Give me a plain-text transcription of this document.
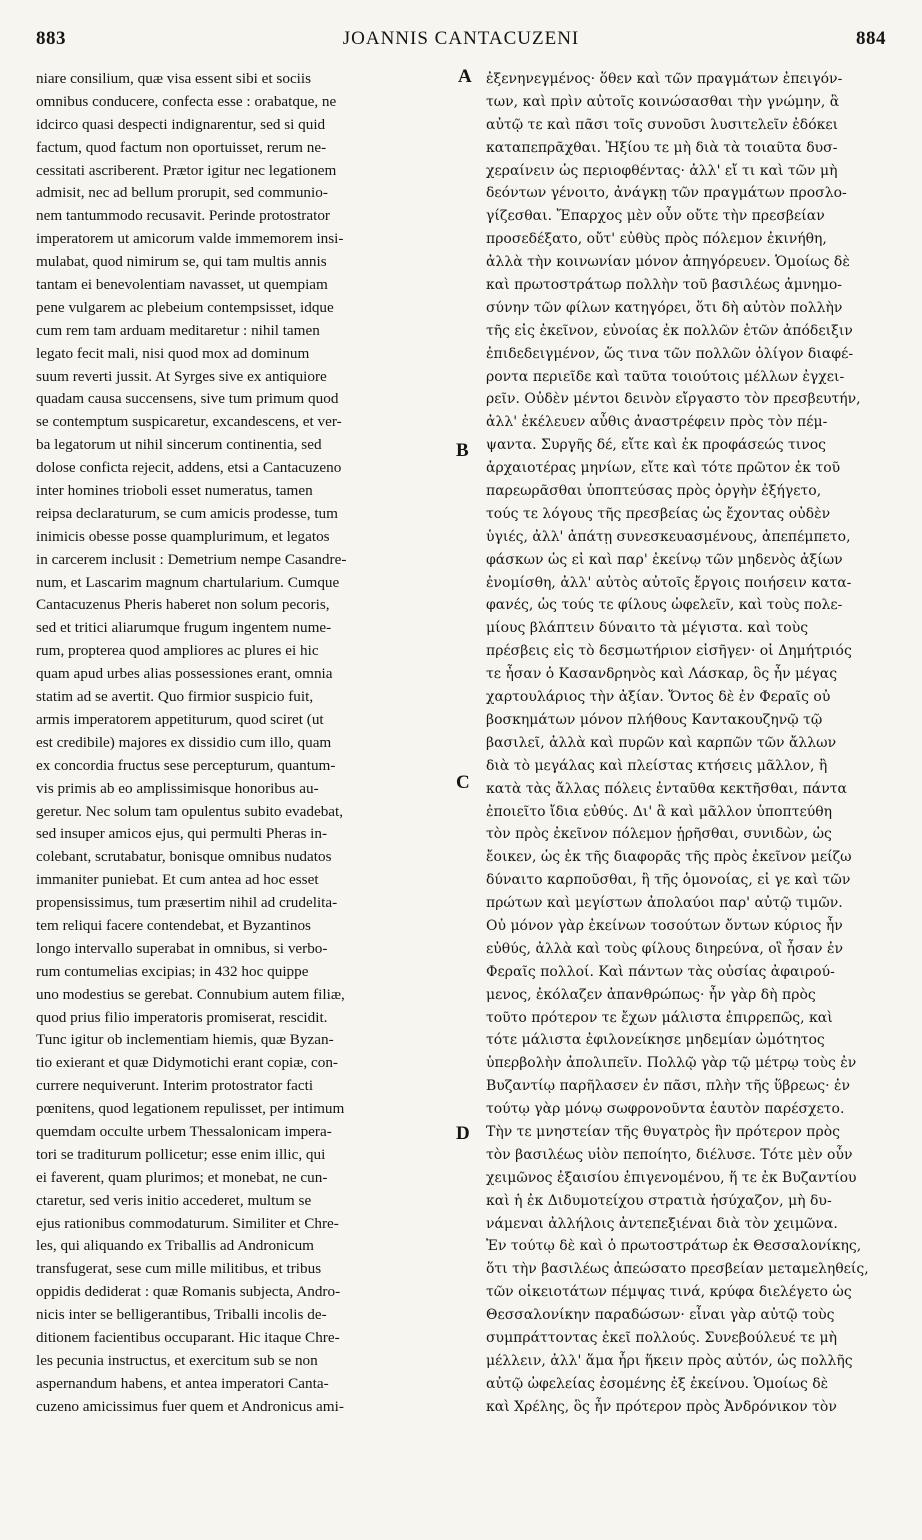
883	JOANNIS CANTACUZENI	884
niare consilium, quæ visa essent sibi et sociis
omnibus conducere, confecta esse : orabatque, ne
idcirco quasi despecti indignarentur, sed si quid
factum, quod factum non oportuisset, rerum ne-
cessitati ascriberent. Prætor igitur nec legationem
admisit, nec ad bellum prorupit, sed communio-
nem tantummodo recusavit. Perinde protostrator
imperatorem ut amicorum valde immemorem insi-
mulabat, quod nimirum se, qui tam multis annis
tantam ei benevolentiam navasset, ut quempiam
pene vulgarem ac plebeium contempsisset, idque
cum rem tam arduam meditaretur : nihil tamen
legato fecit mali, nisi quod mox ad dominum
suum reverti jussit. At Syrges sive ex antiquiore
quadam causa succensens, sive tum primum quod
se contemptum suspicaretur, excandescens, et ver-
ba legatorum ut nihil sincerum continentia, sed
dolose conficta rejecit, addens, etsi a Cantacuzeno
inter homines trioboli esset numeratus, tamen
reipsa declaraturum, se cum amicis prodesse, tum
inimicis obesse posse quamplurimum, et legatos
in carcerem inclusit : Demetrium nempe Casandre-
num, et Lascarim magnum chartularium. Cumque
Cantacuzenus Pheris haberet non solum pecoris,
sed et tritici aliarumque frugum ingentem nume-
rum, propterea quod ampliores ac plures ei hic
quam apud urbes alias possessiones erant, omnia
statim ad se avertit. Quo firmior suspicio fuit,
armis imperatorem appetiturum, quod sciret (ut
est credibile) majores ex dissidio cum illo, quam
ex concordia fructus sese percepturum, quantum-
vis primis ab eo amplissimisque honoribus au-
geretur. Nec solum tam opulentus subito evadebat,
sed insuper amicos ejus, qui permulti Pheras in-
colebant, scrutabatur, bonisque omnibus nudatos
immaniter puniebat. Et cum antea ad hoc esset
propensissimus, tum præsertim nihil ad crudelita-
tem reliqui facere contendebat, et Byzantinos
longo intervallo superabat in omnibus, si verbo-
rum contumelias excipias; in 432 hoc quippe
uno modestius se gerebat. Connubium autem filiæ,
quod prius filio imperatoris promiserat, rescidit.
Tunc igitur ob inclementiam hiemis, quæ Byzan-
tio exierant et quæ Didymotichi erant copiæ, con-
currere nequiverunt. Interim protostrator facti
pœnitens, quod legationem repulisset, per intimum
quemdam occulte urbem Thessalonicam impera-
tori se traditurum pollicetur; esse enim illic, qui
ei faverent, quam plurimos; et monebat, ne cun-
ctaretur, sed veris initio accederet, multum se
ejus rationibus commodaturum. Similiter et Chre-
les, qui aliquando ex Triballis ad Andronicum
transfugerat, sese cum mille militibus, et tribus
oppidis dediderat : quæ Romanis subjecta, Andro-
nicis inter se belligerantibus, Triballi incolis de-
ditionem facientibus occuparant. Hic itaque Chre-
les pecunia instructus, et exercitum sub se non
aspernandum habens, et antea imperatori Canta-
cuzeno amicissimus fuer quem et Andronicus ami-
ἐξενηνεγμένος· ὅθεν καὶ τῶν πραγμάτων ἐπειγόν-
των, καὶ πρὶν αὐτοῖς κοινώσασθαι τὴν γνώμην, ἃ
αὐτῷ τε καὶ πᾶσι τοῖς συνοῦσι λυσιτελεῖν ἐδόκει
καταπεπρᾶχθαι. Ἠξίου τε μὴ διὰ τὰ τοιαῦτα δυσ-
χεραίνειν ὡς περιοφθέντας· ἀλλ' εἴ τι καὶ τῶν μὴ
δεόντων γένοιτο, ἀνάγκῃ τῶν πραγμάτων προσλο-
γίζεσθαι. Ἔπαρχος μὲν οὖν οὔτε τὴν πρεσβείαν
προσεδέξατο, οὔτ' εὐθὺς πρὸς πόλεμον ἐκινήθη,
ἀλλὰ τὴν κοινωνίαν μόνον ἀπηγόρευεν. Ὁμοίως δὲ
καὶ πρωτοστράτωρ πολλὴν τοῦ βασιλέως ἀμνημο-
σύνην τῶν φίλων κατηγόρει, ὅτι δὴ αὐτὸν πολλὴν
τῆς εἰς ἐκεῖνον, εὐνοίας ἐκ πολλῶν ἐτῶν ἀπόδειξιν
ἐπιδεδειγμένον, ὥς τινα τῶν πολλῶν ὀλίγον διαφέ-
ροντα περιεῖδε καὶ ταῦτα τοιούτοις μέλλων ἐγχει-
ρεῖν. Οὐδὲν μέντοι δεινὸν εἴργαστο τὸν πρεσβευτήν,
ἀλλ' ἐκέλευεν αὖθις ἀναστρέφειν πρὸς τὸν πέμ-
ψαντα. Συργῆς δέ, εἴτε καὶ ἐκ προφάσεώς τινος
ἀρχαιοτέρας μηνίων, εἴτε καὶ τότε πρῶτον ἐκ τοῦ
παρεωρᾶσθαι ὑποπτεύσας πρὸς ὀργὴν ἐξήγετο,
τούς τε λόγους τῆς πρεσβείας ὡς ἔχοντας οὐδὲν
ὑγιές, ἀλλ' ἀπάτῃ συνεσκευασμένους, ἀπεπέμπετο,
φάσκων ὡς εἰ καὶ παρ' ἐκείνῳ τῶν μηδενὸς ἀξίων
ἐνομίσθη, ἀλλ' αὐτὸς αὐτοῖς ἔργοις ποιήσειν κατα-
φανές, ὡς τούς τε φίλους ὠφελεῖν, καὶ τοὺς πολε-
μίους βλάπτειν δύναιτο τὰ μέγιστα. καὶ τοὺς
πρέσβεις εἰς τὸ δεσμωτήριον εἰσῆγεν· οἱ Δημήτριός
τε ἦσαν ὁ Κασανδρηνὸς καὶ Λάσκαρ, ὃς ἦν μέγας
χαρτουλάριος τὴν ἀξίαν. Ὄντος δὲ ἐν Φεραῖς οὐ
βοσκημάτων μόνον πλήθους Καντακουζηνῷ τῷ
βασιλεῖ, ἀλλὰ καὶ πυρῶν καὶ καρπῶν τῶν ἄλλων
διὰ τὸ μεγάλας καὶ πλείστας κτήσεις μᾶλλον, ἢ
κατὰ τὰς ἄλλας πόλεις ἐνταῦθα κεκτῆσθαι, πάντα
ἐποιεῖτο ἴδια εὐθύς. Δι' ἃ καὶ μᾶλλον ὑποπτεύθη
τὸν πρὸς ἐκεῖνον πόλεμον ᾑρῆσθαι, συνιδὼν, ὡς
ἔοικεν, ὡς ἐκ τῆς διαφορᾶς τῆς πρὸς ἐκεῖνον μείζω
δύναιτο καρποῦσθαι, ἢ τῆς ὁμονοίας, εἰ γε καὶ τῶν
πρώτων καὶ μεγίστων ἀπολαύοι παρ' αὐτῷ τιμῶν.
Οὐ μόνον γὰρ ἐκείνων τοσούτων ὄντων κύριος ἦν
εὐθύς, ἀλλὰ καὶ τοὺς φίλους διηρεύνα, οἳ ἦσαν ἐν
Φεραῖς πολλοί. Καὶ πάντων τὰς οὐσίας ἀφαιρού-
μενος, ἐκόλαζεν ἀπανθρώπως· ἦν γὰρ δὴ πρὸς
τοῦτο πρότερον τε ἔχων μάλιστα ἐπιρρεπῶς, καὶ
τότε μάλιστα ἐφιλονείκησε μηδεμίαν ὠμότητος
ὑπερβολὴν ἀπολιπεῖν. Πολλῷ γὰρ τῷ μέτρῳ τοὺς ἐν
Βυζαντίῳ παρῆλασεν ἐν πᾶσι, πλὴν τῆς ὕβρεως· ἐν
τούτῳ γὰρ μόνῳ σωφρονοῦντα ἑαυτὸν παρέσχετο.
Τὴν τε μνηστείαν τῆς θυγατρὸς ἣν πρότερον πρὸς
τὸν βασιλέως υἱὸν πεποίητο, διέλυσε. Τότε μὲν οὖν
χειμῶνος ἐξαισίου ἐπιγενομένου, ἥ τε ἐκ Βυζαντίου
καὶ ἡ ἐκ Διδυμοτείχου στρατιὰ ἡσύχαζον, μὴ δυ-
νάμεναι ἀλλήλοις ἀντεπεξιέναι διὰ τὸν χειμῶνα.
Ἐν τούτῳ δὲ καὶ ὁ πρωτοστράτωρ ἐκ Θεσσαλονίκης,
ὅτι τὴν βασιλέως ἀπεώσατο πρεσβείαν μεταμεληθείς,
τῶν οἰκειοτάτων πέμψας τινά, κρύφα διελέγετο ὡς
Θεσσαλονίκην παραδώσων· εἶναι γὰρ αὐτῷ τοὺς
συμπράττοντας ἐκεῖ πολλούς. Συνεβούλευέ τε μὴ
μέλλειν, ἀλλ' ἅμα ἦρι ἥκειν πρὸς αὐτόν, ὡς πολλῆς
αὐτῷ ὠφελείας ἐσομένης ἐξ ἐκείνου. Ὁμοίως δὲ
καὶ Χρέλης, ὃς ἦν πρότερον πρὸς Ἀνδρόνικον τὸν
A
B
C
D
